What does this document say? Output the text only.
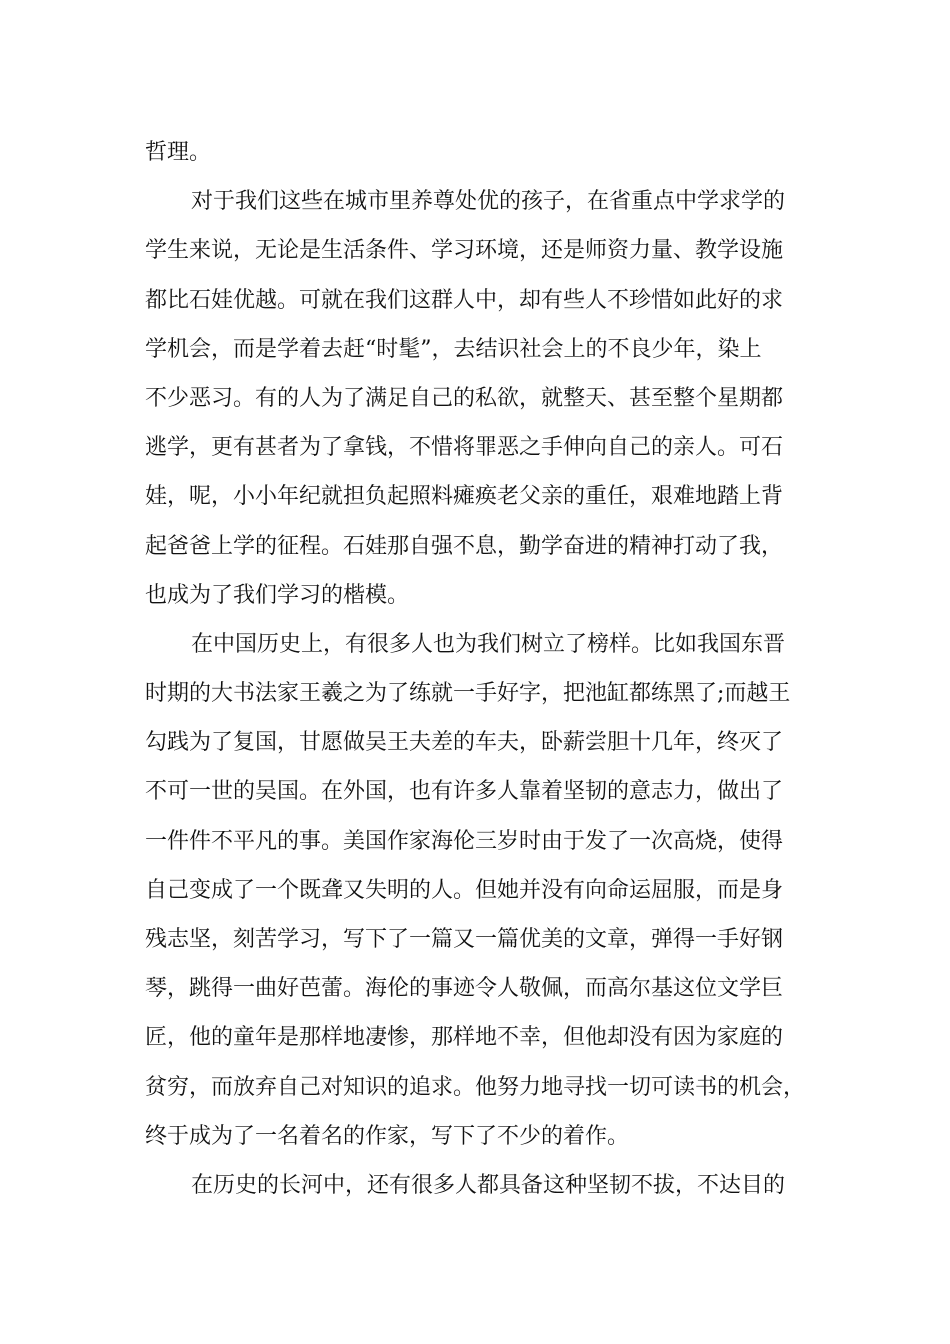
哲理。
对于我们这些在城市里养尊处优的孩子，在省重点中学求学的
学生来说，无论是生活条件、学习环境，还是师资力量、教学设施
都比石娃优越。可就在我们这群人中，却有些人不珍惜如此好的求
学机会，而是学着去赶“时髦”，去结识社会上的不良少年，染上
不少恶习。有的人为了满足自己的私欲，就整天、甚至整个星期都
逃学，更有甚者为了拿钱，不惜将罪恶之手伸向自己的亲人。可石
娃，呢，小小年纪就担负起照料瘫痪老父亲的重任，艰难地踏上背
起爸爸上学的征程。石娃那自强不息，勤学奋进的精神打动了我，
也成为了我们学习的楷模。
在中国历史上，有很多人也为我们树立了榜样。比如我国东晋
时期的大书法家王羲之为了练就一手好字，把池缸都练黑了;而越王
勾践为了复国，甘愿做吴王夫差的车夫，卧薪尝胆十几年，终灭了
不可一世的吴国。在外国，也有许多人靠着坚韧的意志力，做出了
一件件不平凡的事。美国作家海伦三岁时由于发了一次高烧，使得
自己变成了一个既聋又失明的人。但她并没有向命运屈服，而是身
残志坚，刻苦学习，写下了一篇又一篇优美的文章，弹得一手好钢
琴，跳得一曲好芭蕾。海伦的事迹令人敬佩，而高尔基这位文学巨
匠，他的童年是那样地凄惨，那样地不幸，但他却没有因为家庭的
贫穷，而放弃自己对知识的追求。他努力地寻找一切可读书的机会，
终于成为了一名着名的作家，写下了不少的着作。
在历史的长河中，还有很多人都具备这种坚韧不拔，不达目的
